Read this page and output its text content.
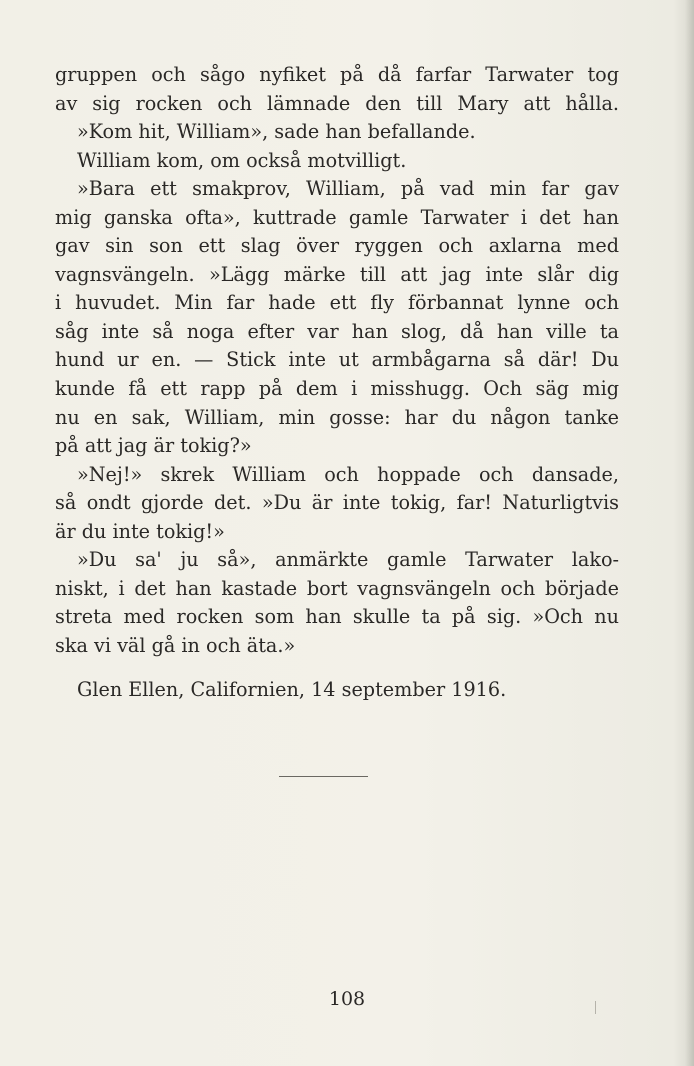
gruppen och sågo nyfiket på då farfar Tarwater tog
av sig rocken och lämnade den till Mary att hålla.
»Kom hit, William», sade han befallande.
William kom, om också motvilligt.
»Bara ett smakprov, William, på vad min far gav
mig ganska ofta», kuttrade gamle Tarwater i det han
gav sin son ett slag över ryggen och axlarna med
vagnsvängeln. »Lägg märke till att jag inte slår dig
i huvudet. Min far hade ett fly förbannat lynne och
såg inte så noga efter var han slog, då han ville ta
hund ur en. — Stick inte ut armbågarna så där! Du
kunde få ett rapp på dem i misshugg. Och säg mig
nu en sak, William, min gosse: har du någon tanke
på att jag är tokig?»
»Nej!» skrek William och hoppade och dansade,
så ondt gjorde det. »Du är inte tokig, far! Naturligtvis
är du inte tokig!»
»Du sa' ju så», anmärkte gamle Tarwater lako-
niskt, i det han kastade bort vagnsvängeln och började
streta med rocken som han skulle ta på sig. »Och nu
ska vi väl gå in och äta.»
Glen Ellen, Californien, 14 september 1916.
108
